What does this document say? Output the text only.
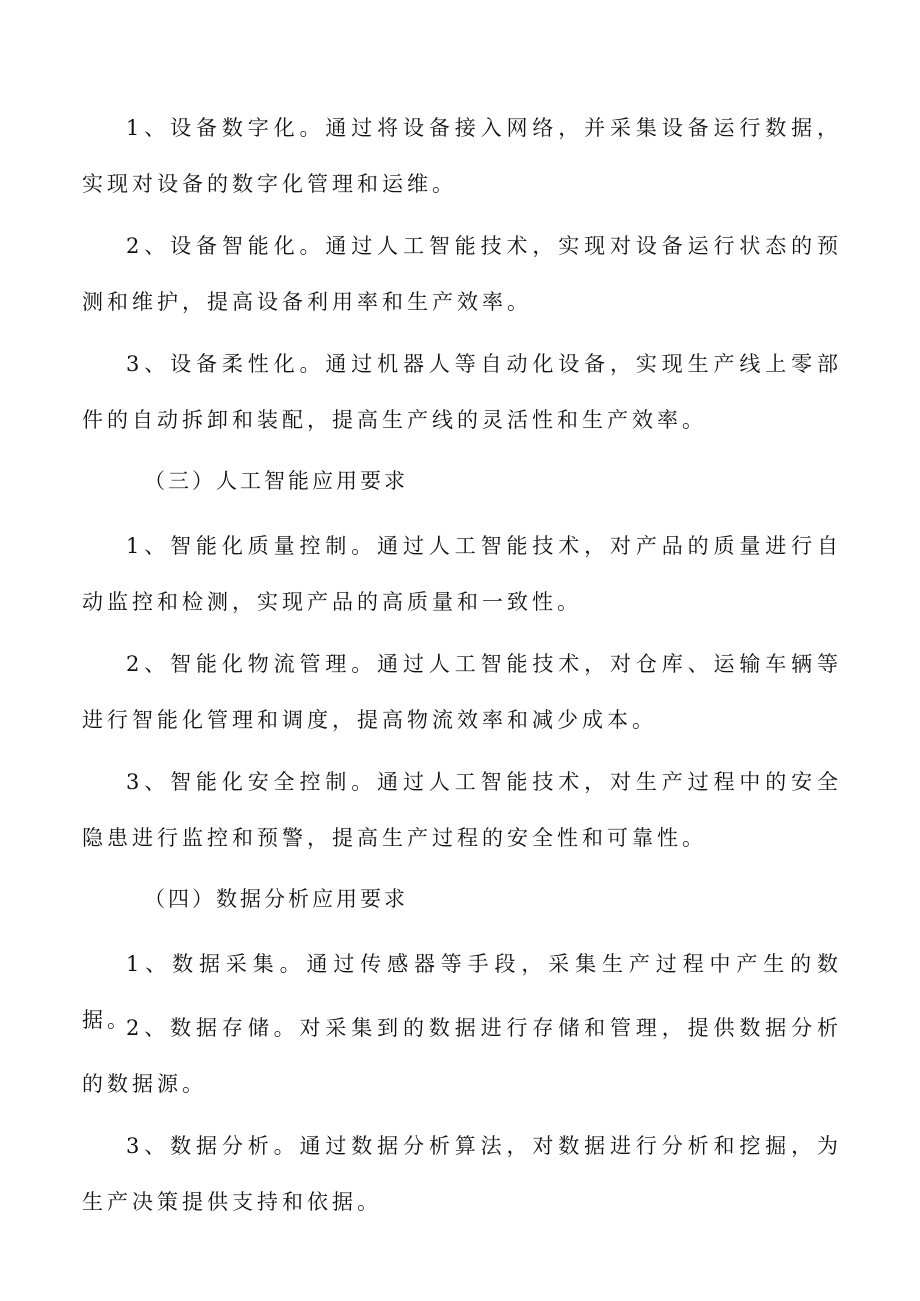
1、设备数字化。通过将设备接入网络，并采集设备运行数据，实现对设备的数字化管理和运维。

2、设备智能化。通过人工智能技术，实现对设备运行状态的预测和维护，提高设备利用率和生产效率。

3、设备柔性化。通过机器人等自动化设备，实现生产线上零部件的自动拆卸和装配，提高生产线的灵活性和生产效率。

（三）人工智能应用要求

1、智能化质量控制。通过人工智能技术，对产品的质量进行自动监控和检测，实现产品的高质量和一致性。

2、智能化物流管理。通过人工智能技术，对仓库、运输车辆等进行智能化管理和调度，提高物流效率和减少成本。

3、智能化安全控制。通过人工智能技术，对生产过程中的安全隐患进行监控和预警，提高生产过程的安全性和可靠性。

（四）数据分析应用要求

1、数据采集。通过传感器等手段，采集生产过程中产生的数据。

2、数据存储。对采集到的数据进行存储和管理，提供数据分析的数据源。

3、数据分析。通过数据分析算法，对数据进行分析和挖掘，为生产决策提供支持和依据。
